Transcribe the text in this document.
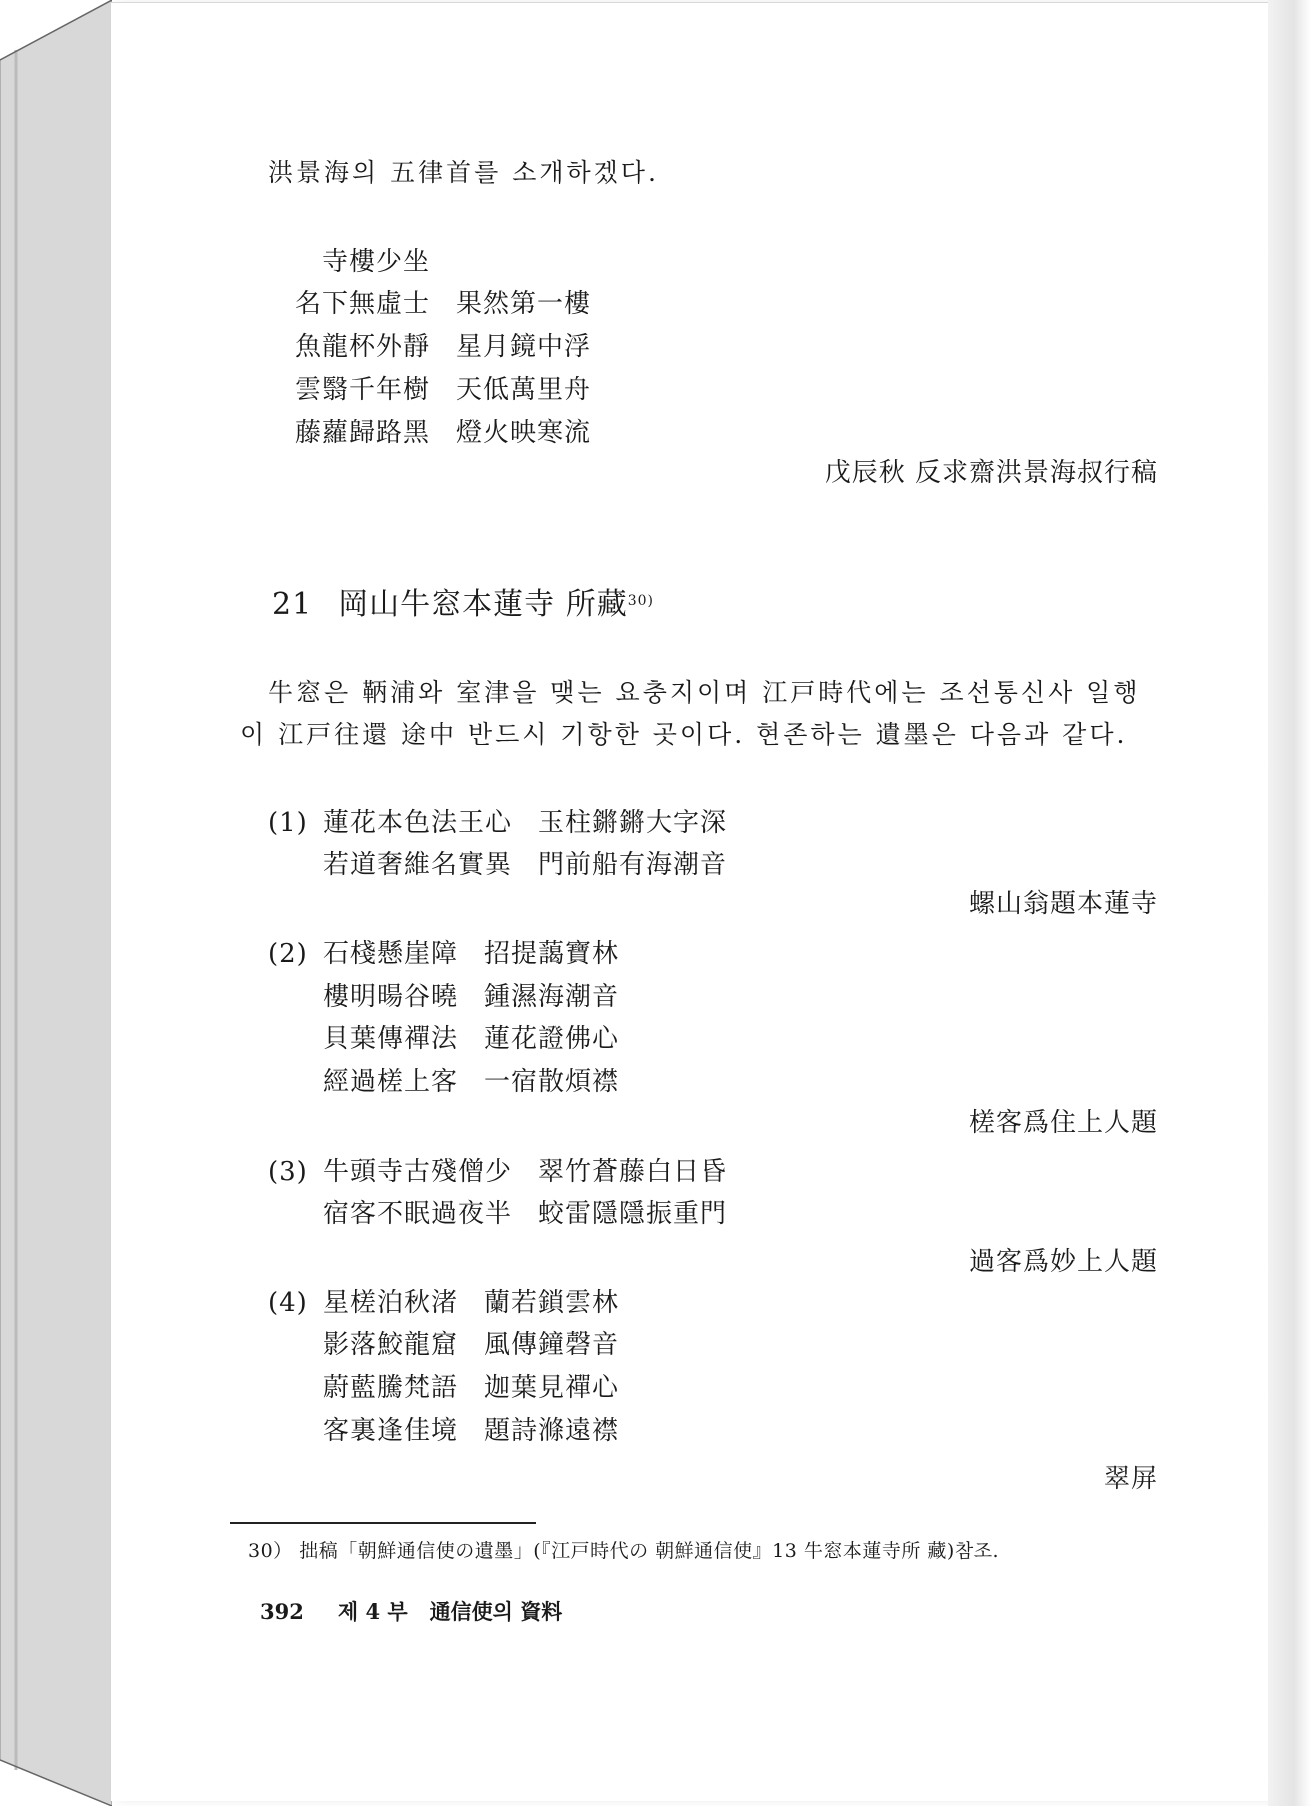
洪景海의 五律首를 소개하겠다.
寺樓少坐
名下無虛士 果然第一樓
魚龍杯外靜 星月鏡中浮
雲翳千年樹 天低萬里舟
藤蘿歸路黑 燈火映寒流
戊辰秋 反求齋洪景海叔行稿
21 岡山牛窓本蓮寺 所藏$^{30)}$
牛窓은 鞆浦와 室津을 맺는 요충지이며 江戸時代에는 조선통신사 일행
이 江戸往還 途中 반드시 기항한 곳이다. 현존하는 遺墨은 다음과 같다.
(1) 蓮花本色法王心 玉柱鏘鏘大字深
若道奢維名實異 門前船有海潮音
螺山翁題本蓮寺
(2) 石棧懸崖障 招提藹寶林
樓明暘谷曉 鍾濕海潮音
貝葉傳禪法 蓮花證佛心
經過槎上客 一宿散煩襟
槎客爲住上人題
(3) 牛頭寺古殘僧少 翠竹蒼藤白日昏
宿客不眠過夜半 蛟雷隱隱振重門
過客爲妙上人題
(4) 星槎泊秋渚 蘭若鎖雲林
影落鮫龍窟 風傳鐘磬音
蔚藍騰梵語 迦葉見禪心
客裏逢佳境 題詩滌遠襟
翠屏
30） 拙稿「朝鮮通信使の遺墨」(『江戸時代の 朝鮮通信使』13 牛窓本蓮寺所 藏)참조.
392 제 4 부 通信使의 資料
